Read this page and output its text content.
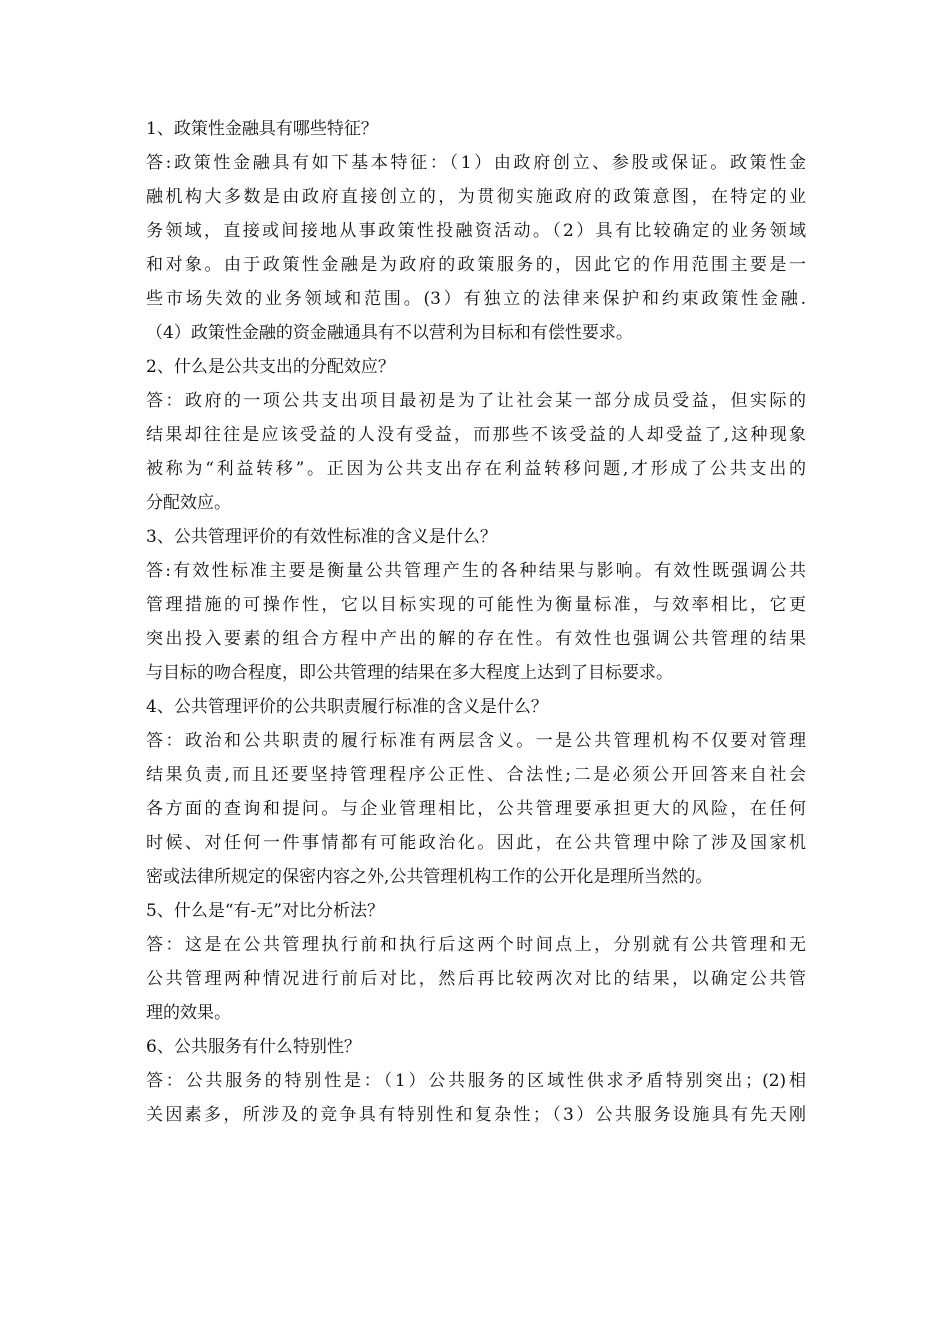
1、政策性金融具有哪些特征？
答:政策性金融具有如下基本特征：（1）由政府创立、参股或保证。政策性金
融机构大多数是由政府直接创立的，为贯彻实施政府的政策意图，在特定的业
务领域，直接或间接地从事政策性投融资活动。（2）具有比较确定的业务领域
和对象。由于政策性金融是为政府的政策服务的，因此它的作用范围主要是一
些市场失效的业务领域和范围。(3）有独立的法律来保护和约束政策性金融.
（4）政策性金融的资金融通具有不以营利为目标和有偿性要求。
2、什么是公共支出的分配效应？
答：政府的一项公共支出项目最初是为了让社会某一部分成员受益，但实际的
结果却往往是应该受益的人没有受益，而那些不该受益的人却受益了,这种现象
被称为“利益转移”。正因为公共支出存在利益转移问题,才形成了公共支出的
分配效应。
3、公共管理评价的有效性标准的含义是什么？
答:有效性标准主要是衡量公共管理产生的各种结果与影响。有效性既强调公共
管理措施的可操作性，它以目标实现的可能性为衡量标准，与效率相比，它更
突出投入要素的组合方程中产出的解的存在性。有效性也强调公共管理的结果
与目标的吻合程度，即公共管理的结果在多大程度上达到了目标要求。
4、公共管理评价的公共职责履行标准的含义是什么？
答：政治和公共职责的履行标准有两层含义。一是公共管理机构不仅要对管理
结果负责,而且还要坚持管理程序公正性、合法性;二是必须公开回答来自社会
各方面的查询和提问。与企业管理相比，公共管理要承担更大的风险，在任何
时候、对任何一件事情都有可能政治化。因此，在公共管理中除了涉及国家机
密或法律所规定的保密内容之外,公共管理机构工作的公开化是理所当然的。
5、什么是“有-无”对比分析法？
答：这是在公共管理执行前和执行后这两个时间点上，分别就有公共管理和无
公共管理两种情况进行前后对比，然后再比较两次对比的结果，以确定公共管
理的效果。
6、公共服务有什么特别性？
答：公共服务的特别性是：（1）公共服务的区域性供求矛盾特别突出；(2)相
关因素多，所涉及的竞争具有特别性和复杂性；（3）公共服务设施具有先天刚
